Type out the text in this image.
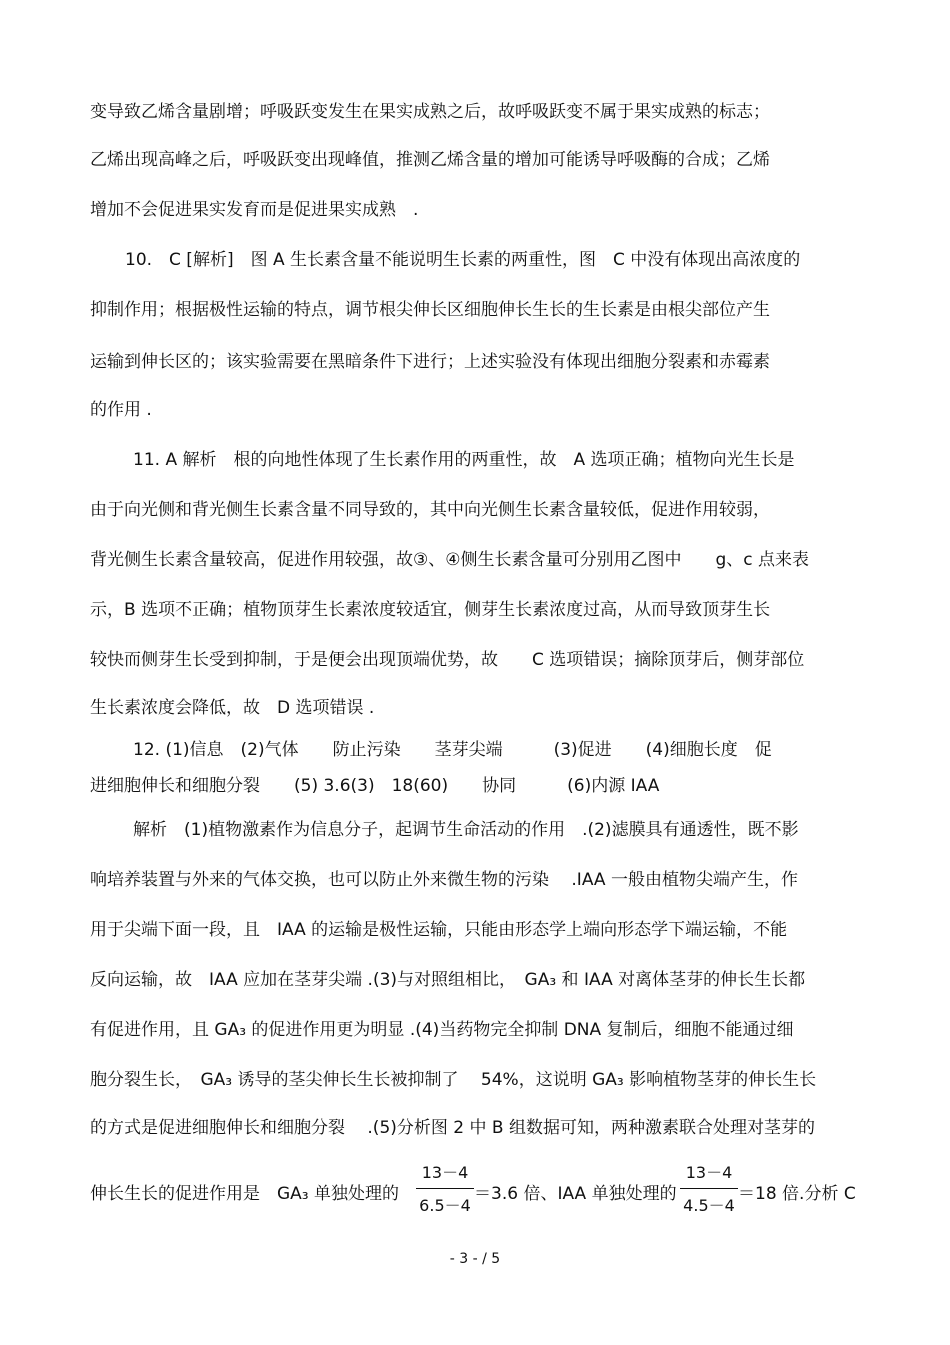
变导致乙烯含量剧增；呼吸跃变发生在果实成熟之后，故呼吸跃变不属于果实成熟的标志；
乙烯出现高峰之后，呼吸跃变出现峰值，推测乙烯含量的增加可能诱导呼吸酶的合成；乙烯
增加不会促进果实发育而是促进果实成熟　.
10.　C [解析]　图 A 生长素含量不能说明生长素的两重性，图　C 中没有体现出高浓度的
抑制作用；根据极性运输的特点，调节根尖伸长区细胞伸长生长的生长素是由根尖部位产生
运输到伸长区的；该实验需要在黑暗条件下进行；上述实验没有体现出细胞分裂素和赤霉素
的作用 .
11. A 解析　根的向地性体现了生长素作用的两重性，故　A 选项正确；植物向光生长是
由于向光侧和背光侧生长素含量不同导致的，其中向光侧生长素含量较低，促进作用较弱，
背光侧生长素含量较高，促进作用较强，故③、④侧生长素含量可分别用乙图中　　g、c 点来表
示，B 选项不正确；植物顶芽生长素浓度较适宜，侧芽生长素浓度过高，从而导致顶芽生长
较快而侧芽生长受到抑制，于是便会出现顶端优势，故　　C 选项错误；摘除顶芽后，侧芽部位
生长素浓度会降低，故　D 选项错误 .
12. (1)信息　(2)气体　　防止污染　　茎芽尖端　　　(3)促进　　(4)细胞长度　促
进细胞伸长和细胞分裂　　(5) 3.6(3)　18(60)　　协同　　　(6)内源 IAA
解析　(1)植物激素作为信息分子，起调节生命活动的作用　.(2)滤膜具有通透性，既不影
响培养装置与外来的气体交换，也可以防止外来微生物的污染　 .IAA 一般由植物尖端产生，作
用于尖端下面一段，且　IAA 的运输是极性运输，只能由形态学上端向形态学下端运输，不能
反向运输，故　IAA 应加在茎芽尖端 .(3)与对照组相比，　GA₃ 和 IAA 对离体茎芽的伸长生长都
有促进作用，且 GA₃ 的促进作用更为明显 .(4)当药物完全抑制 DNA 复制后，细胞不能通过细
胞分裂生长，　GA₃ 诱导的茎尖伸长生长被抑制了　 54%，这说明 GA₃ 影响植物茎芽的伸长生长
的方式是促进细胞伸长和细胞分裂　 .(5)分析图 2 中 B 组数据可知，两种激素联合处理对茎芽的
伸长生长的促进作用是　GA₃ 单独处理的	＝3.6 倍、IAA 单独处理的	＝18 倍.分析 C
13－4
6.5－4
13－4
4.5－4
- 3 - / 5
